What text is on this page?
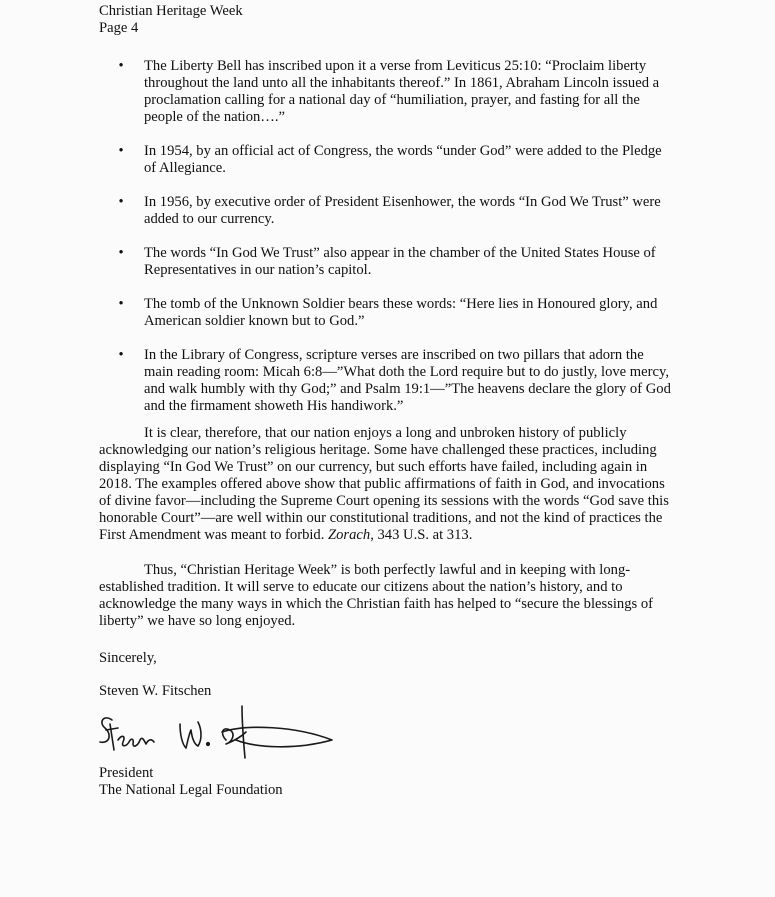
Christian Heritage Week
Page 4
• The Liberty Bell has inscribed upon it a verse from Leviticus 25:10: “Proclaim liberty throughout the land unto all the inhabitants thereof.” In 1861, Abraham Lincoln issued a proclamation calling for a national day of “humiliation, prayer, and fasting for all the people of the nation….”
• In 1954, by an official act of Congress, the words “under God” were added to the Pledge of Allegiance.
• In 1956, by executive order of President Eisenhower, the words “In God We Trust” were added to our currency.
• The words “In God We Trust” also appear in the chamber of the United States House of Representatives in our nation’s capitol.
• The tomb of the Unknown Soldier bears these words: “Here lies in Honoured glory, and American soldier known but to God.”
• In the Library of Congress, scripture verses are inscribed on two pillars that adorn the main reading room: Micah 6:8—”What doth the Lord require but to do justly, love mercy, and walk humbly with thy God;” and Psalm 19:1—”The heavens declare the glory of God and the firmament showeth His handiwork.”

It is clear, therefore, that our nation enjoys a long and unbroken history of publicly acknowledging our nation’s religious heritage. Some have challenged these practices, including displaying “In God We Trust” on our currency, but such efforts have failed, including again in 2018. The examples offered above show that public affirmations of faith in God, and invocations of divine favor—including the Supreme Court opening its sessions with the words “God save this honorable Court”—are well within our constitutional traditions, and not the kind of practices the First Amendment was meant to forbid. Zorach, 343 U.S. at 313.

Thus, “Christian Heritage Week” is both perfectly lawful and in keeping with long-established tradition. It will serve to educate our citizens about the nation’s history, and to acknowledge the many ways in which the Christian faith has helped to “secure the blessings of liberty” we have so long enjoyed.

Sincerely,
Steven W. Fitschen
Steven W.
President
The National Legal Foundation
